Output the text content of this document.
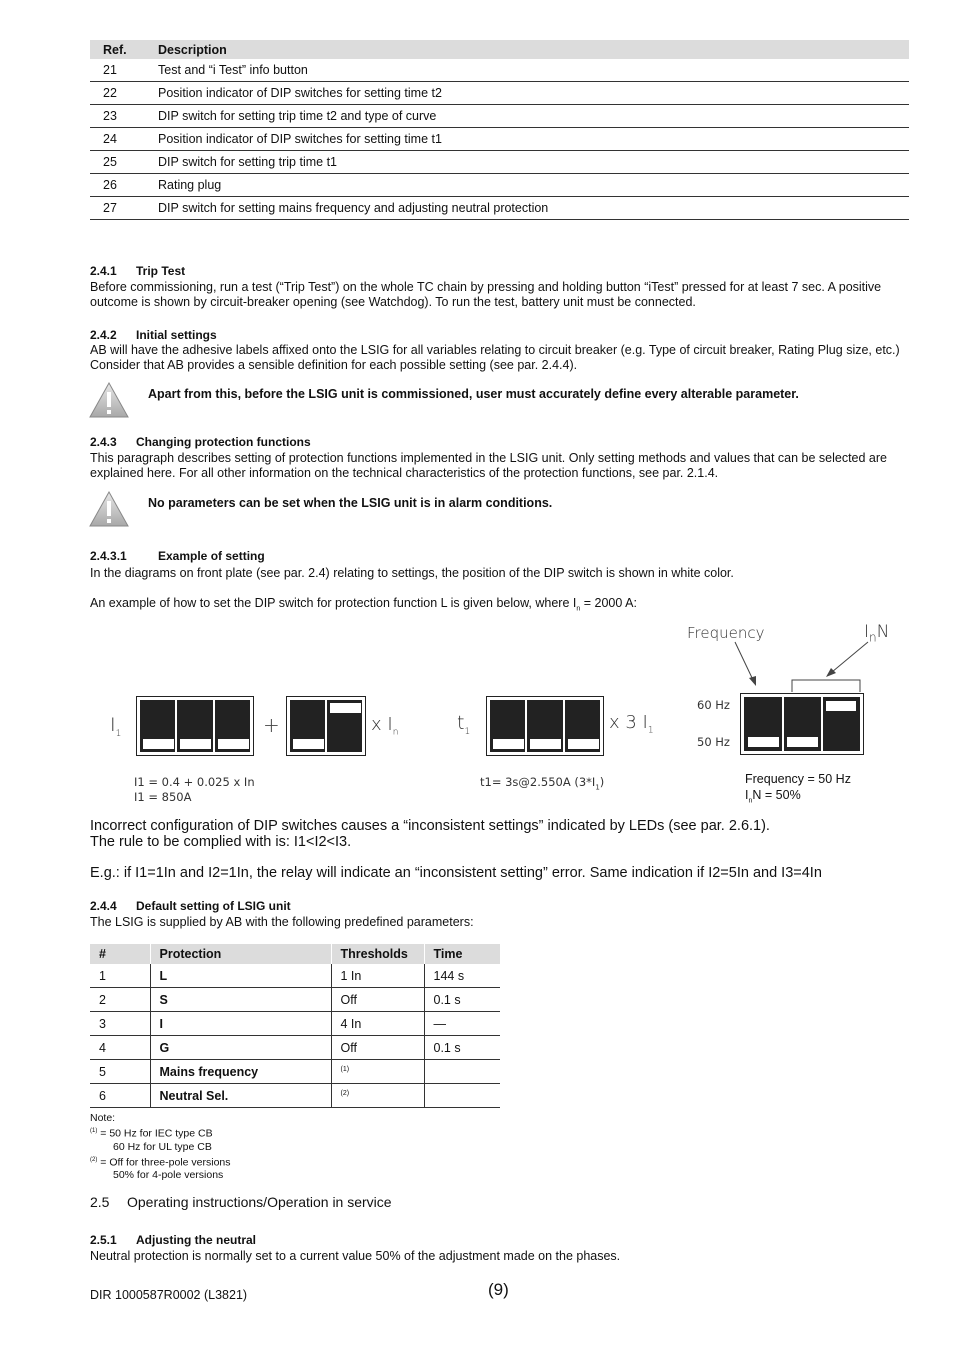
Ref.	Description
21	Test and “i Test” info button
22	Position indicator of DIP switches for setting time t2
23	DIP switch for setting trip time t2 and type of curve
24	Position indicator of DIP switches for setting time t1
25	DIP switch for setting trip time t1
26	Rating plug
27	DIP switch for setting mains frequency and adjusting neutral protection
2.4.1 Trip Test
Before commissioning, run a test (“Trip Test”) on the whole TC chain by pressing and holding button “iTest” pressed for at least 7 sec. A positive outcome is shown by circuit-breaker opening (see Watchdog). To run the test, battery unit must be connected.
2.4.2 Initial settings
AB will have the adhesive labels affixed onto the LSIG for all variables relating to circuit breaker (e.g. Type of circuit breaker, Rating Plug size, etc.) Consider that AB provides a sensible definition for each possible setting (see par. 2.4.4).
Apart from this, before the LSIG unit is commissioned, user must accurately define every alterable parameter.
2.4.3 Changing protection functions
This paragraph describes setting of protection functions implemented in the LSIG unit. Only setting methods and values that can be selected are explained here. For all other information on the technical characteristics of the protection functions, see par. 2.1.4.
No parameters can be set when the LSIG unit is in alarm conditions.
2.4.3.1	Example of setting
In the diagrams on front plate (see par. 2.4) relating to settings, the position of the DIP switch is shown in white color.
An example of how to set the DIP switch for protection function L is given below, where $I_n = 2000$ A:
$I_1$	+	x $I_n$	$t_1$	x 3 $I_1$
Frequency	$I_nN$
60 Hz
50 Hz
I1 = 0.4 + 0.025 x In
I1 = 850A
t1= 3s@2.550A $(3*I_1)$	Frequency = 50 Hz
$I_nN = 50\%$
Incorrect configuration of DIP switches causes a “inconsistent settings” indicated by LEDs (see par. 2.6.1).
The rule to be complied with is: I1<I2<I3.
E.g.: if I1=1In and I2=1In, the relay will indicate an “inconsistent setting” error. Same indication if I2=5In and I3=4In
2.4.4 Default setting of LSIG unit
The LSIG is supplied by AB with the following predefined parameters:
#	Protection	Thresholds	Time
1	L	1 In	144 s
2	S	Off	0.1 s
3	I	4 In	—
4	G	Off	0.1 s
5	Mains frequency	$^{(1)}$	
6	Neutral Sel.	$^{(2)}$	
Note:
$^{(1)}$ = 50 Hz for IEC type CB
60 Hz for UL type CB
$^{(2)}$ = Off for three-pole versions
50% for 4-pole versions
2.5 Operating instructions/Operation in service
2.5.1 Adjusting the neutral
Neutral protection is normally set to a current value 50% of the adjustment made on the phases.
DIR 1000587R0002 (L3821)	(9)
